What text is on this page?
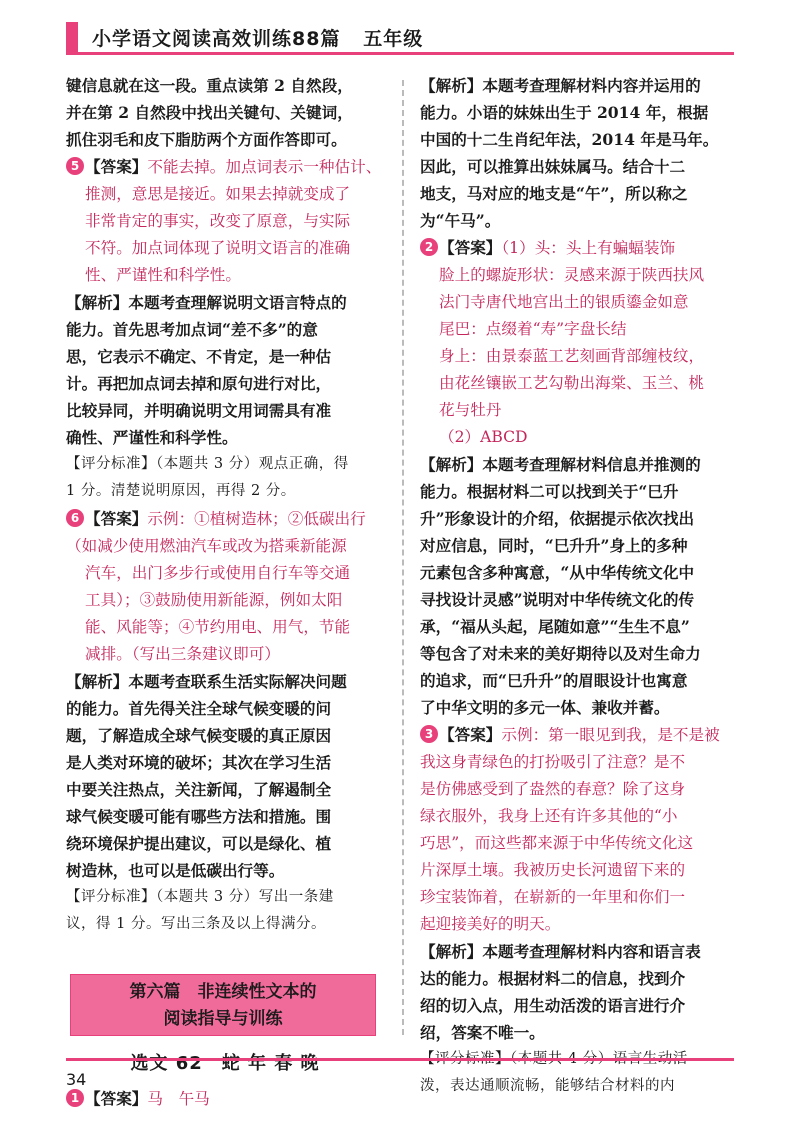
小学语文阅读高效训练88篇   五年级

键信息就在这一段。重点读第 2 自然段，

并在第 2 自然段中找出关键句、关键词，

抓住羽毛和皮下脂肪两个方面作答即可。

5 【答案】不能去掉。加点词表示一种估计、

推测，意思是接近。如果去掉就变成了

非常肯定的事实，改变了原意，与实际

不符。加点词体现了说明文语言的准确

性、严谨性和科学性。

【解析】本题考查理解说明文语言特点的

能力。首先思考加点词“差不多”的意

思，它表示不确定、不肯定，是一种估

计。再把加点词去掉和原句进行对比，

比较异同，并明确说明文用词需具有准

确性、严谨性和科学性。

【评分标准】（本题共 3 分）观点正确，得

1 分。清楚说明原因，再得 2 分。

6 【答案】示例：①植树造林；②低碳出行

（如减少使用燃油汽车或改为搭乘新能源

汽车，出门多步行或使用自行车等交通

工具）；③鼓励使用新能源，例如太阳

能、风能等；④节约用电、用气，节能

减排。（写出三条建议即可）

【解析】本题考查联系生活实际解决问题

的能力。首先得关注全球气候变暖的问

题，了解造成全球气候变暖的真正原因

是人类对环境的破坏；其次在学习生活

中要关注热点，关注新闻，了解遏制全

球气候变暖可能有哪些方法和措施。围

绕环境保护提出建议，可以是绿化、植

树造林，也可以是低碳出行等。

【评分标准】（本题共 3 分）写出一条建

议，得 1 分。写出三条及以上得满分。

第六篇　非连续性文本的
阅读指导与训练
选文 62　蛇 年 春 晚

1 【答案】马　午马

【解析】本题考查理解材料内容并运用的

能力。小语的妹妹出生于 2014 年，根据

中国的十二生肖纪年法，2014 年是马年。

因此，可以推算出妹妹属马。结合十二

地支，马对应的地支是“午”，所以称之

为“午马”。

2 【答案】（1）头：头上有蝙蝠装饰

脸上的螺旋形状：灵感来源于陕西扶风

法门寺唐代地宫出土的银质鎏金如意

尾巴：点缀着“寿”字盘长结

身上：由景泰蓝工艺刻画背部缠枝纹，

由花丝镶嵌工艺勾勒出海棠、玉兰、桃

花与牡丹

（2）ABCD

【解析】本题考查理解材料信息并推测的

能力。根据材料二可以找到关于“巳升

升”形象设计的介绍，依据提示依次找出

对应信息，同时，“巳升升”身上的多种

元素包含多种寓意，“从中华传统文化中

寻找设计灵感”说明对中华传统文化的传

承，“福从头起，尾随如意”“生生不息”

等包含了对未来的美好期待以及对生命力

的追求，而“巳升升”的眉眼设计也寓意

了中华文明的多元一体、兼收并蓄。

3 【答案】示例：第一眼见到我，是不是被

我这身青绿色的打扮吸引了注意？是不

是仿佛感受到了盎然的春意？除了这身

绿衣服外，我身上还有许多其他的“小

巧思”，而这些都来源于中华传统文化这

片深厚土壤。我被历史长河遗留下来的

珍宝装饰着，在崭新的一年里和你们一

起迎接美好的明天。

【解析】本题考查理解材料内容和语言表

达的能力。根据材料二的信息，找到介

绍的切入点，用生动活泼的语言进行介

绍，答案不唯一。

【评分标准】（本题共 4 分）语言生动活

泼，表达通顺流畅，能够结合材料的内

34
